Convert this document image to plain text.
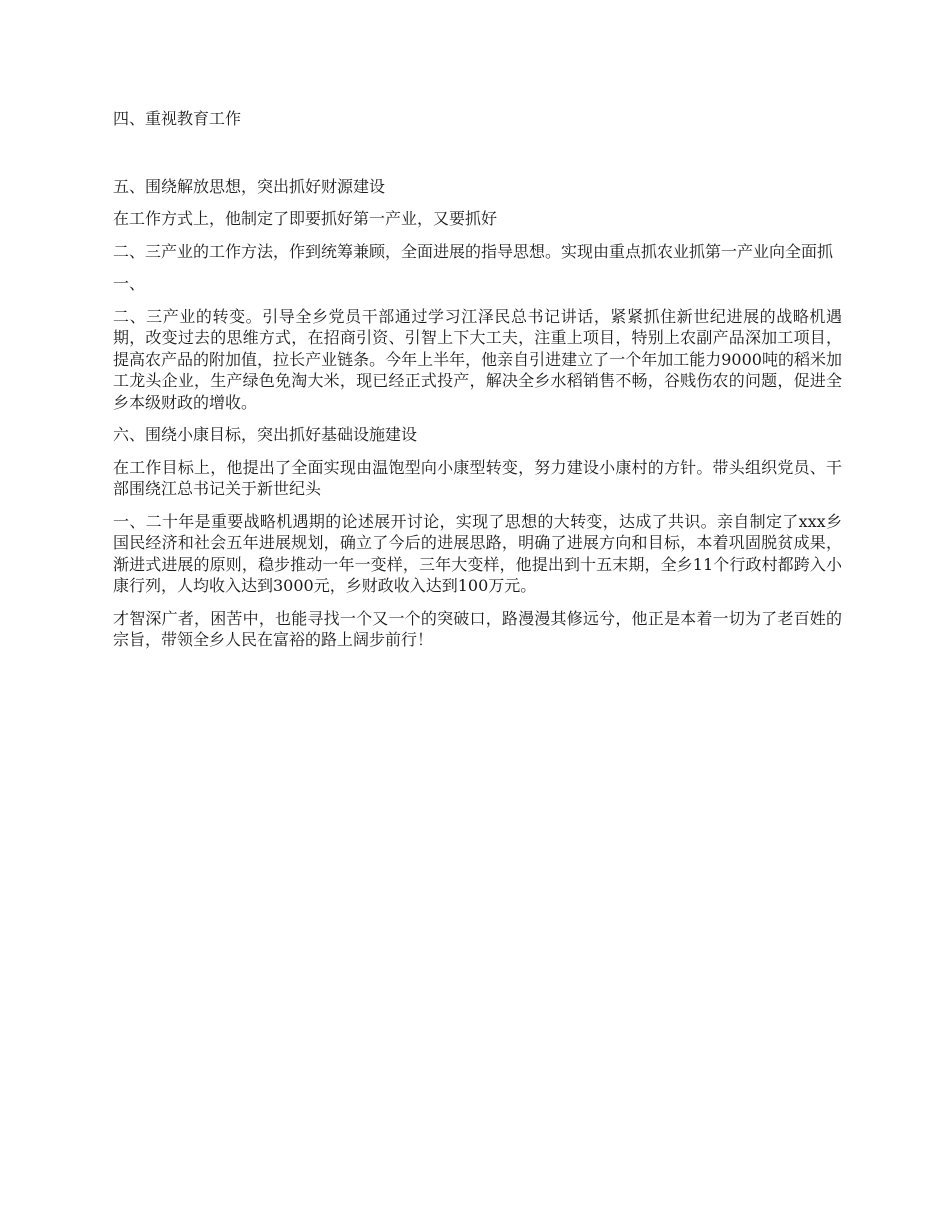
四、重视教育工作

五、围绕解放思想，突出抓好财源建设

在工作方式上，他制定了即要抓好第一产业，又要抓好

二、三产业的工作方法，作到统筹兼顾，全面进展的指导思想。实现由重点抓农业抓第一产业向全面抓

一、

二、三产业的转变。引导全乡党员干部通过学习江泽民总书记讲话，紧紧抓住新世纪进展的战略机遇期，改变过去的思维方式，在招商引资、引智上下大工夫，注重上项目，特别上农副产品深加工项目，提高农产品的附加值，拉长产业链条。今年上半年，他亲自引进建立了一个年加工能力9000吨的稻米加工龙头企业，生产绿色免淘大米，现已经正式投产，解决全乡水稻销售不畅，谷贱伤农的问题，促进全乡本级财政的增收。

六、围绕小康目标，突出抓好基础设施建设

在工作目标上，他提出了全面实现由温饱型向小康型转变，努力建设小康村的方针。带头组织党员、干部围绕江总书记关于新世纪头

一、二十年是重要战略机遇期的论述展开讨论，实现了思想的大转变，达成了共识。亲自制定了xxx乡国民经济和社会五年进展规划，确立了今后的进展思路，明确了进展方向和目标，本着巩固脱贫成果，渐进式进展的原则，稳步推动一年一变样，三年大变样，他提出到十五末期，全乡11个行政村都跨入小康行列，人均收入达到3000元，乡财政收入达到100万元。

才智深广者，困苦中，也能寻找一个又一个的突破口，路漫漫其修远兮，他正是本着一切为了老百姓的宗旨，带领全乡人民在富裕的路上阔步前行！
